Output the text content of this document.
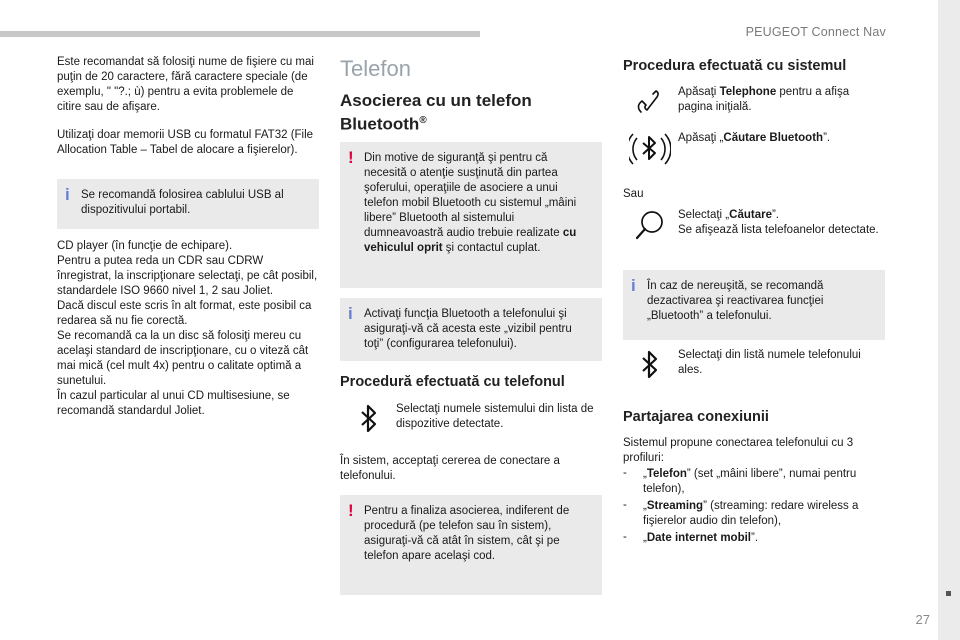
PEUGEOT Connect Nav
27

Este recomandat să folosiţi nume de fişiere cu mai puţin de 20 caractere, fără caractere speciale (de exemplu, " "?.; ù) pentru a evita problemele de citire sau de afişare.

Utilizaţi doar memorii USB cu formatul FAT32 (File Allocation Table – Tabel de alocare a fişierelor).

i Se recomandă folosirea cablului USB al dispozitivului portabil.

CD player (în funcţie de echipare).

Pentru a putea reda un CDR sau CDRW înregistrat, la inscripţionare selectaţi, pe cât posibil, standardele ISO 9660 nivel 1, 2 sau Joliet.

Dacă discul este scris în alt format, este posibil ca redarea să nu fie corectă.

Se recomandă ca la un disc să folosiţi mereu cu acelaşi standard de inscripţionare, cu o viteză cât mai mică (cel mult 4x) pentru o calitate optimă a sunetului.

În cazul particular al unui CD multisesiune, se recomandă standardul Joliet.

Telefon
Asocierea cu un telefon
Bluetooth®
! Din motive de siguranţă şi pentru că necesită o atenţie susţinută din partea şoferului, operaţiile de asociere a unui telefon mobil Bluetooth cu sistemul „mâini libere” Bluetooth al sistemului dumneavoastră audio trebuie realizate cu vehiculul oprit şi contactul cuplat.

i Activaţi funcţia Bluetooth a telefonului şi asiguraţi-vă că acesta este „vizibil pentru toţi” (configurarea telefonului).

Procedură efectuată cu telefonul

Selectaţi numele sistemului din lista de dispozitive detectate.

În sistem, acceptaţi cererea de conectare a telefonului.

! Pentru a finaliza asocierea, indiferent de procedură (pe telefon sau în sistem), asiguraţi-vă că atât în sistem, cât şi pe telefon apare acelaşi cod.

Procedura efectuată cu sistemul

Apăsaţi Telephone pentru a afişa pagina iniţială.

Apăsaţi „Căutare Bluetooth”.

Sau

Selectaţi „Căutare”.

Se afişează lista telefoanelor detectate.

i În caz de nereuşită, se recomandă dezactivarea şi reactivarea funcţiei „Bluetooth” a telefonului.

Selectaţi din listă numele telefonului ales.

Partajarea conexiunii

Sistemul propune conectarea telefonului cu 3 profiluri:

- „Telefon” (set „mâini libere”, numai pentru telefon),

- „Streaming” (streaming: redare wireless a fişierelor audio din telefon),

- „Date internet mobil”.
